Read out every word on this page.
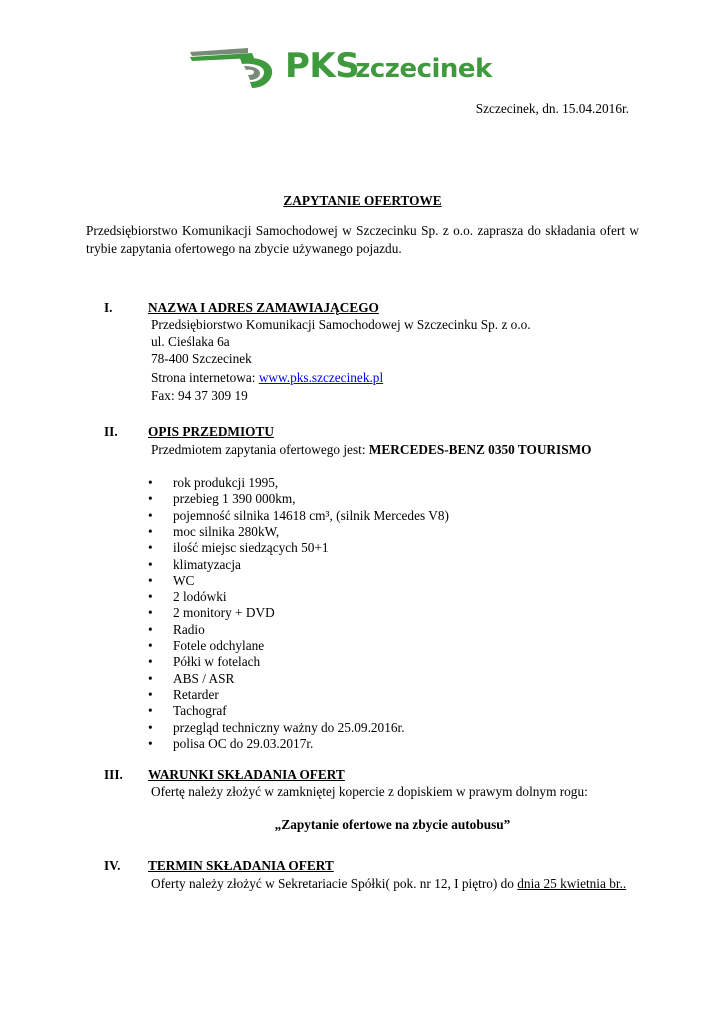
PKSzczecinek
Szczecinek, dn. 15.04.2016r.
ZAPYTANIE OFERTOWE
Przedsiębiorstwo Komunikacji Samochodowej w Szczecinku Sp. z o.o. zaprasza do składania ofert w trybie zapytania ofertowego na zbycie używanego pojazdu.
I.	NAZWA I ADRES ZAMAWIAJĄCEGO
Przedsiębiorstwo Komunikacji Samochodowej w Szczecinku Sp. z o.o.
ul. Cieślaka 6a
78-400 Szczecinek
Strona internetowa: www.pks.szczecinek.pl
Fax: 94 37 309 19
II. OPIS PRZEDMIOTU
Przedmiotem zapytania ofertowego jest: MERCEDES-BENZ 0350 TOURISMO
• rok produkcji 1995,
• przebieg 1 390 000km,
• pojemność silnika 14618 cm³, (silnik Mercedes V8)
• moc silnika 280kW,
• ilość miejsc siedzących 50+1
• klimatyzacja
• WC
• 2 lodówki
• 2 monitory + DVD
• Radio
• Fotele odchylane
• Półki w fotelach
• ABS / ASR
• Retarder
• Tachograf
• przegląd techniczny ważny do 25.09.2016r.
• polisa OC do 29.03.2017r.
III. WARUNKI SKŁADANIA OFERT
Ofertę należy złożyć w zamkniętej kopercie z dopiskiem w prawym dolnym rogu:
„Zapytanie ofertowe na zbycie autobusu”
IV. TERMIN SKŁADANIA OFERT
Oferty należy złożyć w Sekretariacie Spółki( pok. nr 12, I piętro) do dnia 25 kwietnia br..
